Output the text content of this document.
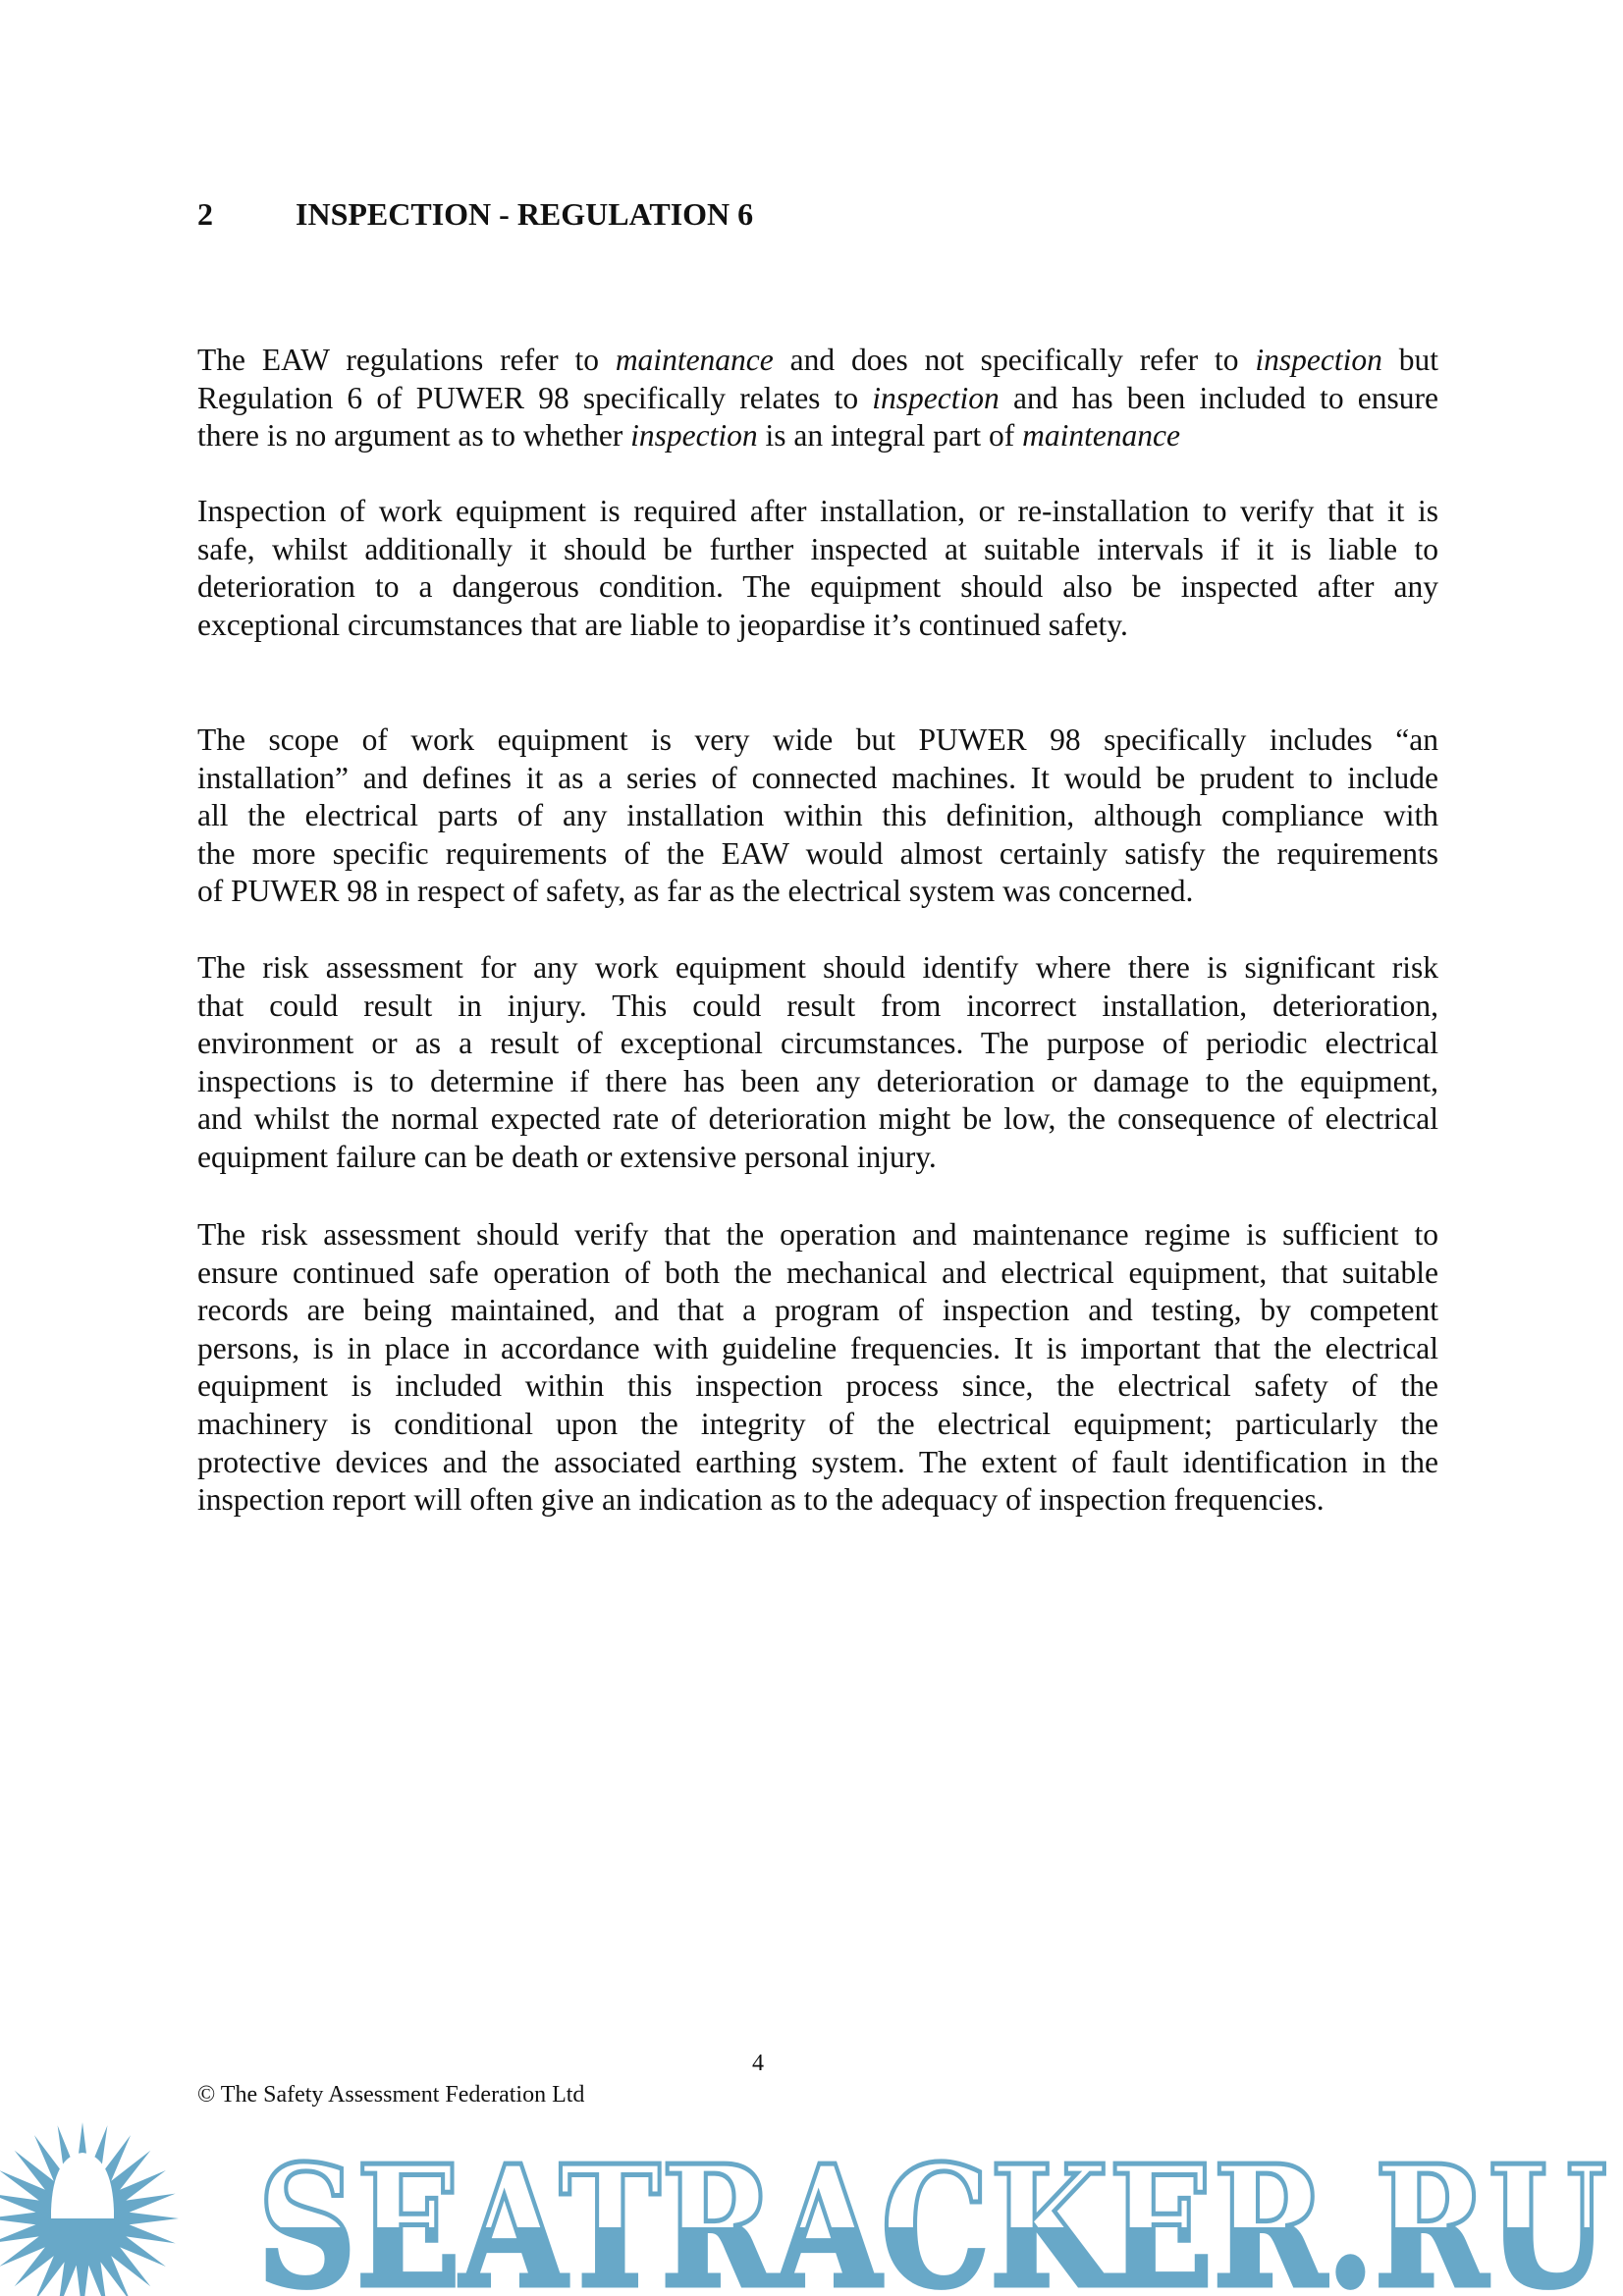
2	INSPECTION - REGULATION 6
The EAW regulations refer to maintenance and does not specifically refer to inspection but
Regulation 6 of PUWER 98 specifically relates to inspection and has been included to ensure
there is no argument as to whether inspection is an integral part of maintenance
Inspection of work equipment is required after installation, or re-installation to verify that it is
safe, whilst additionally it should be further inspected at suitable intervals if it is liable to
deterioration to a dangerous condition. The equipment should also be inspected after any
exceptional circumstances that are liable to jeopardise it’s continued safety.
The scope of work equipment is very wide but PUWER 98 specifically includes “an
installation” and defines it as a series of connected machines. It would be prudent to include
all the electrical parts of any installation within this definition, although compliance with
the more specific requirements of the EAW would almost certainly satisfy the requirements
of PUWER 98 in respect of safety, as far as the electrical system was concerned.
The risk assessment for any work equipment should identify where there is significant risk
that could result in injury. This could result from incorrect installation, deterioration,
environment or as a result of exceptional circumstances. The purpose of periodic electrical
inspections is to determine if there has been any deterioration or damage to the equipment,
and whilst the normal expected rate of deterioration might be low, the consequence of electrical
equipment failure can be death or extensive personal injury.
The risk assessment should verify that the operation and maintenance regime is sufficient to
ensure continued safe operation of both the mechanical and electrical equipment, that suitable
records are being maintained, and that a program of inspection and testing, by competent
persons, is in place in accordance with guideline frequencies. It is important that the electrical
equipment is included within this inspection process since, the electrical safety of the
machinery is conditional upon the integrity of the electrical equipment; particularly the
protective devices and the associated earthing system. The extent of fault identification in the
inspection report will often give an indication as to the adequacy of inspection frequencies.
4
© The Safety Assessment Federation Ltd
SEATRACKER.RU
